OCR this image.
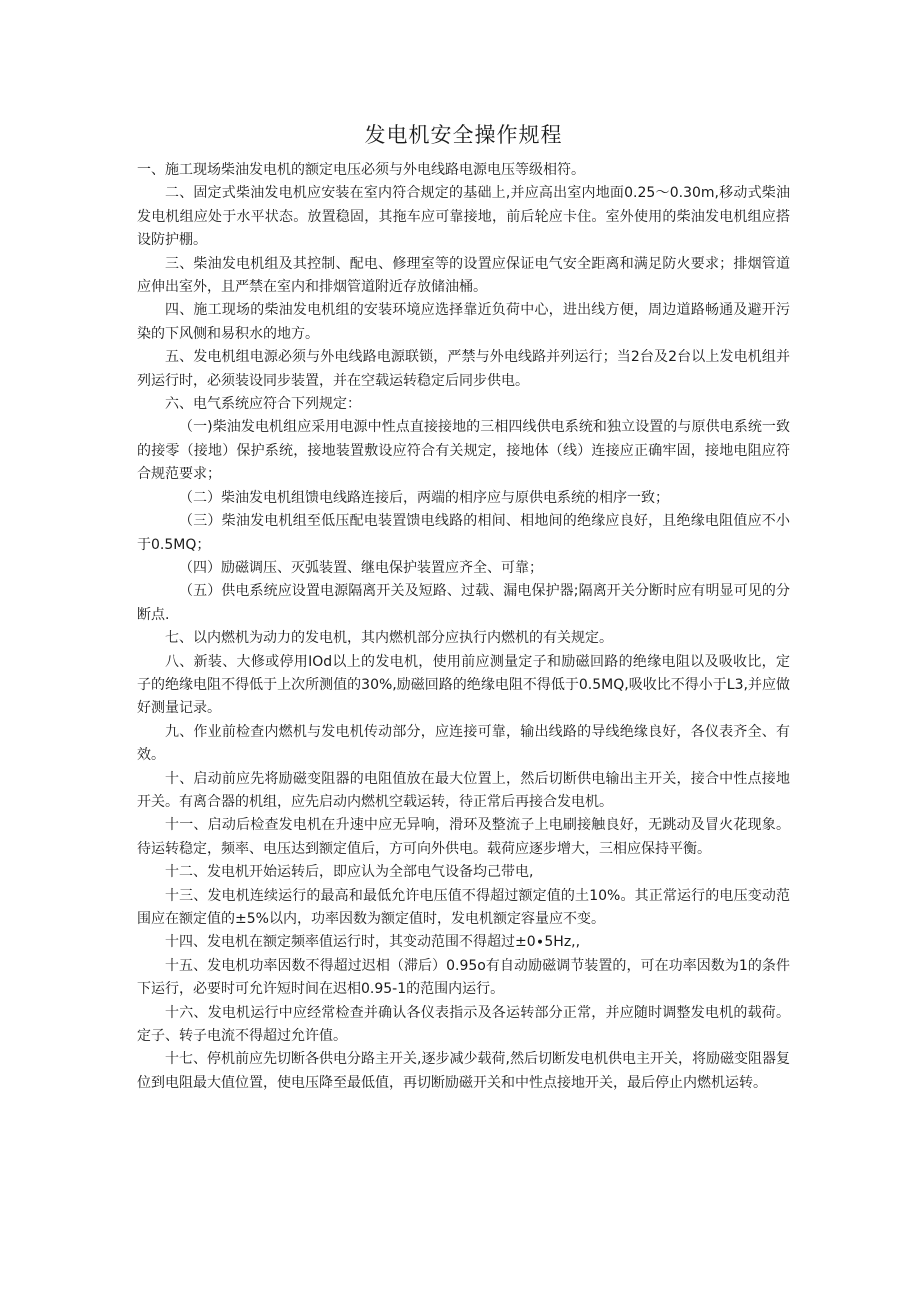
发电机安全操作规程

一、施工现场柴油发电机的额定电压必须与外电线路电源电压等级相符。

二、固定式柴油发电机应安装在室内符合规定的基础上,并应高出室内地面0.25～0.30m,移动式柴油发电机组应处于水平状态。放置稳固，其拖车应可靠接地，前后轮应卡住。室外使用的柴油发电机组应搭设防护棚。

三、柴油发电机组及其控制、配电、修理室等的设置应保证电气安全距离和满足防火要求；排烟管道应伸出室外，且严禁在室内和排烟管道附近存放储油桶。

四、施工现场的柴油发电机组的安装环境应选择靠近负荷中心，进出线方便，周边道路畅通及避开污染的下风侧和易积水的地方。

五、发电机组电源必须与外电线路电源联锁，严禁与外电线路并列运行；当2台及2台以上发电机组并列运行时，必须装设同步装置，并在空载运转稳定后同步供电。

六、电气系统应符合下列规定：

（一)柴油发电机组应采用电源中性点直接接地的三相四线供电系统和独立设置的与原供电系统一致的接零（接地）保护系统，接地装置敷设应符合有关规定，接地体（线）连接应正确牢固，接地电阻应符合规范要求；

（二）柴油发电机组馈电线路连接后，两端的相序应与原供电系统的相序一致；

（三）柴油发电机组至低压配电装置馈电线路的相间、相地间的绝缘应良好，且绝缘电阻值应不小于0.5MQ；

（四）励磁调压、灭弧装置、继电保护装置应齐全、可靠；

（五）供电系统应设置电源隔离开关及短路、过载、漏电保护器;隔离开关分断时应有明显可见的分断点.

七、以内燃机为动力的发电机，其内燃机部分应执行内燃机的有关规定。

八、新装、大修或停用IOd以上的发电机，使用前应测量定子和励磁回路的绝缘电阻以及吸收比，定子的绝缘电阻不得低于上次所测值的30%,励磁回路的绝缘电阻不得低于0.5MQ,吸收比不得小于L3,并应做好测量记录。

九、作业前检查内燃机与发电机传动部分，应连接可靠，输出线路的导线绝缘良好，各仪表齐全、有效。

十、启动前应先将励磁变阻器的电阻值放在最大位置上，然后切断供电输出主开关，接合中性点接地开关。有离合器的机组，应先启动内燃机空载运转，待正常后再接合发电机。

十一、启动后检查发电机在升速中应无异响，滑环及整流子上电刷接触良好，无跳动及冒火花现象。待运转稳定，频率、电压达到额定值后，方可向外供电。载荷应逐步增大，三相应保持平衡。

十二、发电机开始运转后，即应认为全部电气设备均己带电,

十三、发电机连续运行的最高和最低允许电压值不得超过额定值的土10%。其正常运行的电压变动范围应在额定值的±5%以内，功率因数为额定值时，发电机额定容量应不变。

十四、发电机在额定频率值运行时，其变动范围不得超过±0∙5Hz,,

十五、发电机功率因数不得超过迟相（滞后）0.95o有自动励磁调节装置的，可在功率因数为1的条件下运行，必要时可允许短时间在迟相0.95-1的范围内运行。

十六、发电机运行中应经常检查并确认各仪表指示及各运转部分正常，并应随时调整发电机的载荷。定子、转子电流不得超过允许值。

十七、停机前应先切断各供电分路主开关,逐步减少载荷,然后切断发电机供电主开关，将励磁变阻器复位到电阻最大值位置，使电压降至最低值，再切断励磁开关和中性点接地开关，最后停止内燃机运转。
